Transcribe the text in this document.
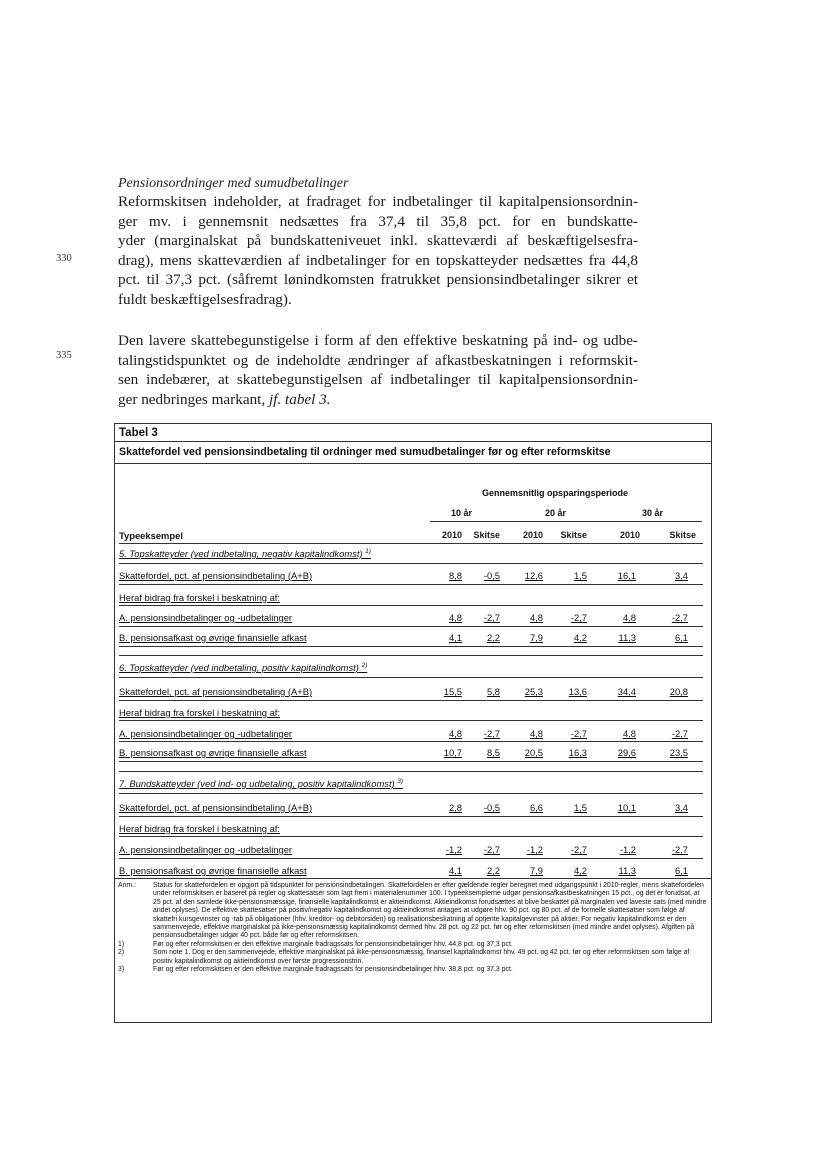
Pensionsordninger med sumudbetalinger
Reformskitsen indeholder, at fradraget for indbetalinger til kapitalpensionsordnin-
ger mv. i gennemsnit nedsættes fra 37,4 til 35,8 pct. for en bundskatte-
yder (marginalskat på bundskatteniveuet inkl. skatteværdi af beskæftigelsesfra-
drag), mens skatteværdien af indbetalinger for en topskatteyder nedsættes fra 44,8
pct. til 37,3 pct. (såfremt lønindkomsten fratrukket pensionsindbetalinger sikrer et
fuldt beskæftigelsesfradrag).
330
335
Den lavere skattebegunstigelse i form af den effektive beskatning på ind- og udbe-
talingstidspunktet og de indeholdte ændringer af afkastbeskatningen i reformskit-
sen indebærer, at skattebegunstigelsen af indbetalinger til kapitalpensionsordnin-
ger nedbringes markant, jf. tabel 3.
Tabel 3
Skattefordel ved pensionsindbetaling til ordninger med sumudbetalinger før og efter reformskitse
Gennemsnitlig opsparingsperiode
10 år	20 år	30 år
Typeeksempel	2010	Skitse	2010	Skitse	2010	Skitse
5. Topskatteyder (ved indbetaling, negativ kapitalindkomst) $^{1)}$
Skattefordel, pct. af pensionsindbetaling (A+B)	8,8	-0,5	12,6	1,5	16,1	3,4
Heraf bidrag fra forskel i beskatning af:
A. pensionsindbetalinger og -udbetalinger	4,8	-2,7	4,8	-2,7	4,8	-2,7
B. pensionsafkast og øvrige finansielle afkast	4,1	2,2	7,9	4,2	11,3	6,1
6. Topskatteyder (ved indbetaling, positiv kapitalindkomst) $^{2)}$
Skattefordel, pct. af pensionsindbetaling (A+B)	15,5	5,8	25,3	13,6	34,4	20,8
Heraf bidrag fra forskel i beskatning af:
A. pensionsindbetalinger og -udbetalinger	4,8	-2,7	4,8	-2,7	4,8	-2,7
B. pensionsafkast og øvrige finansielle afkast	10,7	8,5	20,5	16,3	29,6	23,5
7. Bundskatteyder (ved ind- og udbetaling, positiv kapitalindkomst) $^{3)}$
Skattefordel, pct. af pensionsindbetaling (A+B)	2,8	-0,5	6,6	1,5	10,1	3,4
Heraf bidrag fra forskel i beskatning af:
A. pensionsindbetalinger og -udbetalinger	-1,2	-2,7	-1,2	-2,7	-1,2	-2,7
B. pensionsafkast og øvrige finansielle afkast	4,1	2,2	7,9	4,2	11,3	6,1
Anm.: Status for skattefordelen er opgjort på tidspunktet for pensionsindbetalingen. Skattefordelen er efter gældende regler beregnet med udgangspunkt i 2010-regler, mens skattefordelen under reformskitsen er baseret på regler og skattesatser som lagt frem i materialenummer 100. I typeeksemplerne udgør pensionsafkastbeskatningen 15 pct., og det er forudsat, at 25 pct. af den samlede ikke-pensionsmæssige, finansielle kapitalindkomst er aktieindkomst. Aktieindkomst forudsættes at blive beskattet på marginalen ved laveste sats (med mindre andet oplyses). De effektive skattesatser på positiv/negativ kapitalindkomst og aktieindkomst antages at udgøre hhv. 90 pct. og 80 pct. af de formelle skattesatser som følge af skattefri kursgevinster og -tab på obligationer (hhv. kreditor- og debitorsiden) og realisationsbeskatning af optjente kapitalgevinster på aktier. For negativ kapitalindkomst er den sammenvejede, effektive marginalskat på ikke-pensionsmæssig kapitalindkomst dermed hhv. 28 pct. og 22 pct. før og efter reformskitsen (med mindre andet oplyses). Afgiften på pensionsudbetalinger udgør 40 pct. både før og efter reformskitsen.
1)	Før og efter reformskitsen er den effektive marginale fradragssats for pensionsindbetalinger hhv. 44,8 pct. og 37,3 pct.
2)	Som note 1. Dog er den sammenvejede, effektive marginalskat på ikke-pensionsmæssig, finansiel kapitalindkomst hhv. 49 pct. og 42 pct. før og efter reformskitsen som følge af positiv kapitalindkomst og aktieindkomst over første progressionstrin.
3)	Før og efter reformskitsen er den effektive marginale fradragssats for pensionsindbetalinger hhv. 38,8 pct. og 37,3 pct.
